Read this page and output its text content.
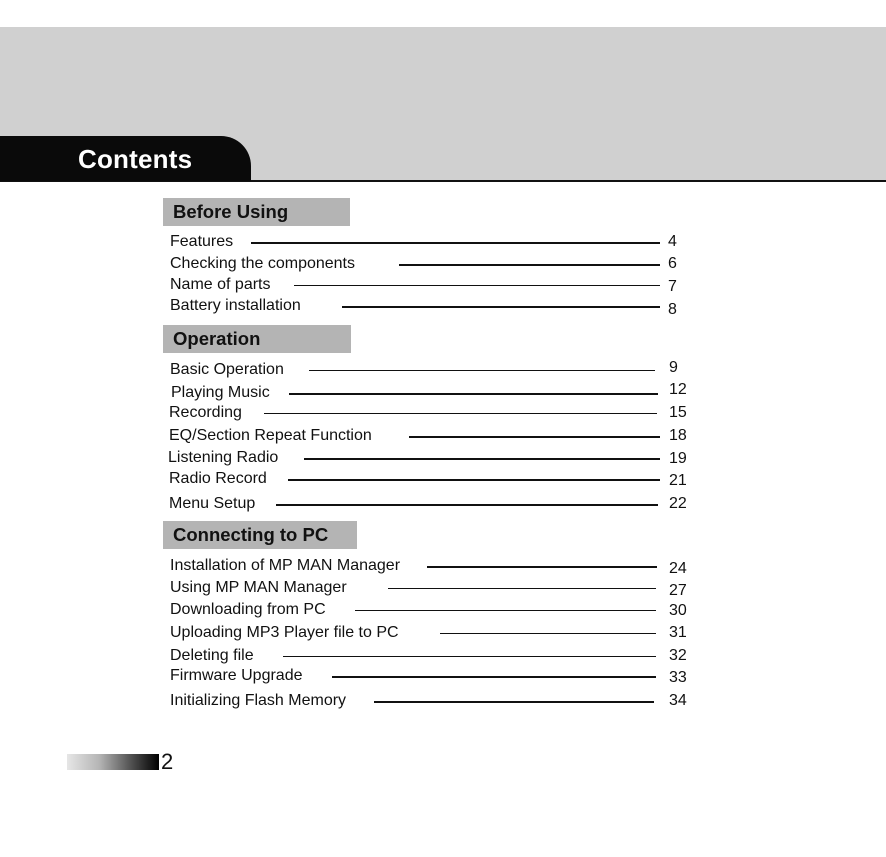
Contents
Before Using
Features	4
Checking the components	6
Name of parts	7
Battery installation	8
Operation
Basic Operation	9
Playing Music	12
Recording	15
EQ/Section Repeat Function	18
Listening Radio	19
Radio Record	21
Menu Setup	22
Connecting to PC
Installation of MP MAN Manager	24
Using MP MAN Manager	27
Downloading from PC	30
Uploading MP3 Player file to PC	31
Deleting file	32
Firmware Upgrade	33
Initializing Flash Memory	34
2
